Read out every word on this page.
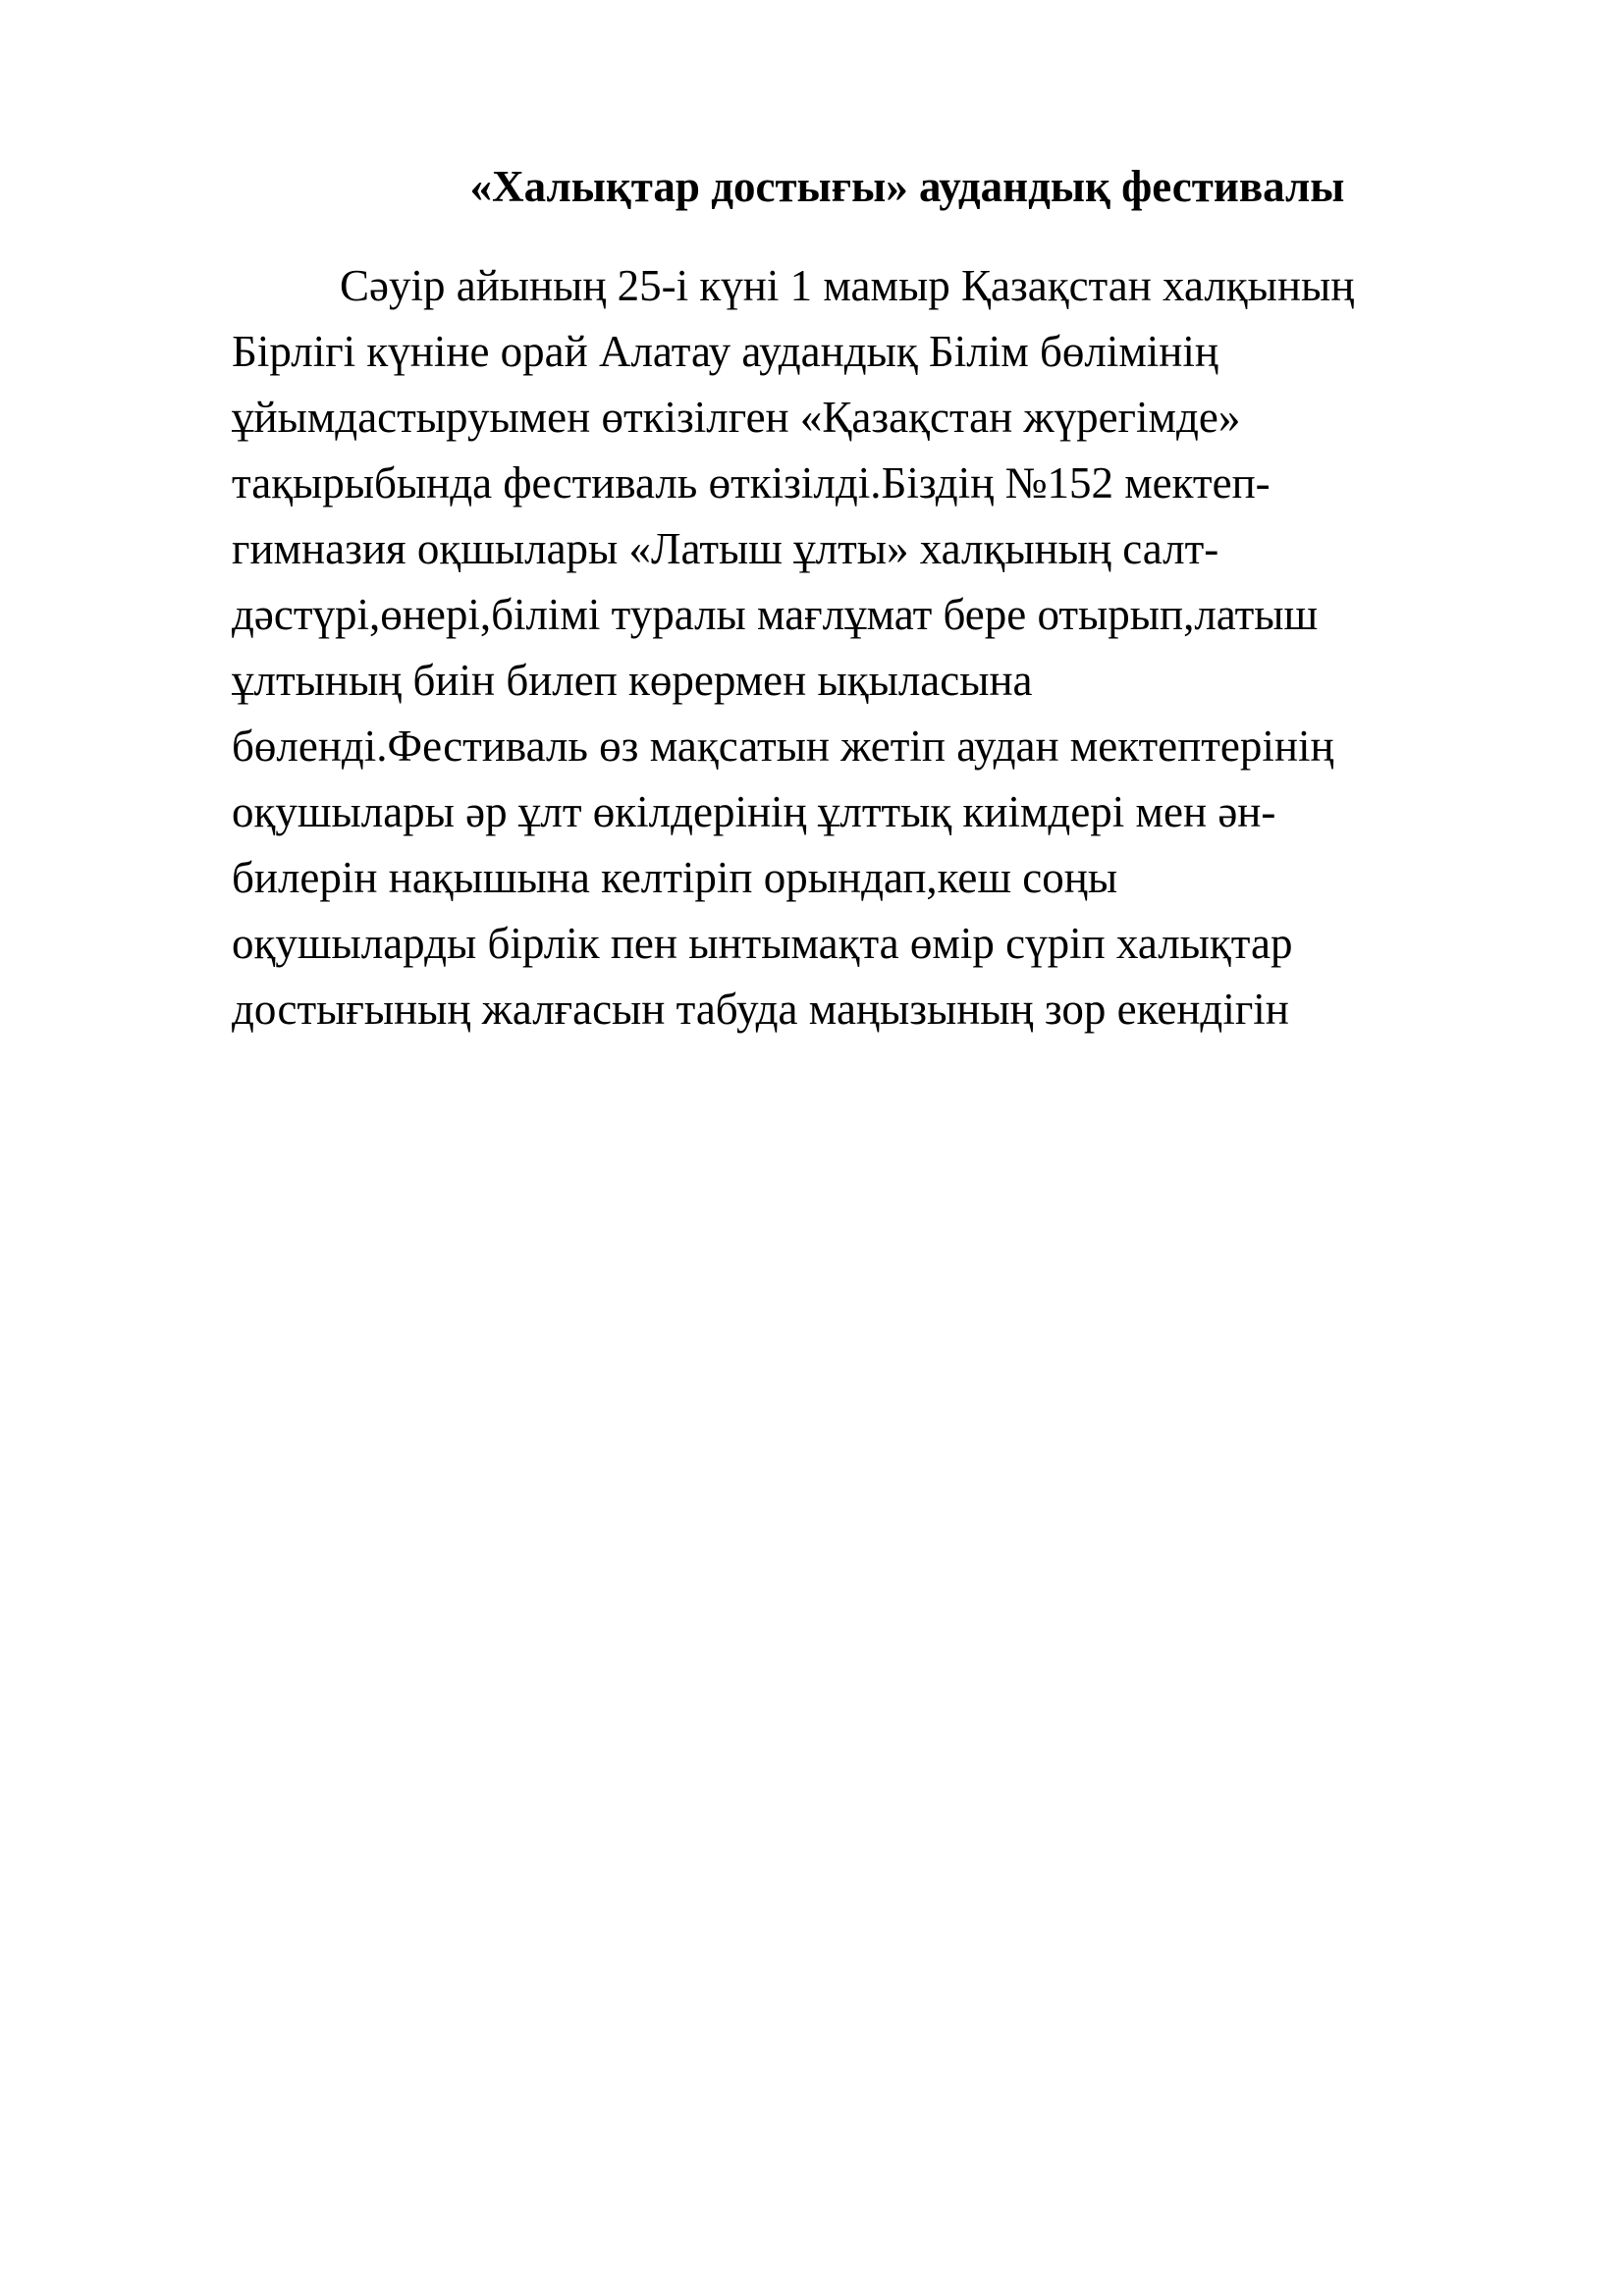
«Халықтар достығы» аудандық фестивалы
Сәуір айының 25-і күні 1 мамыр Қазақстан халқының
Бірлігі күніне орай Алатау аудандық Білім бөлімінің
ұйымдастыруымен өткізілген «Қазақстан жүрегімде»
тақырыбында фестиваль өткізілді.Біздің №152 мектеп-
гимназия оқшылары «Латыш ұлты» халқының салт-
дәстүрі,өнері,білімі туралы мағлұмат бере отырып,латыш
ұлтының биін билеп көрермен ықыласына
бөленді.Фестиваль өз мақсатын жетіп аудан мектептерінің
оқушылары әр ұлт өкілдерінің ұлттық киімдері мен ән-
билерін нақышына келтіріп орындап,кеш соңы
оқушыларды бірлік пен ынтымақта өмір сүріп халықтар
достығының жалғасын табуда маңызының зор екендігін
